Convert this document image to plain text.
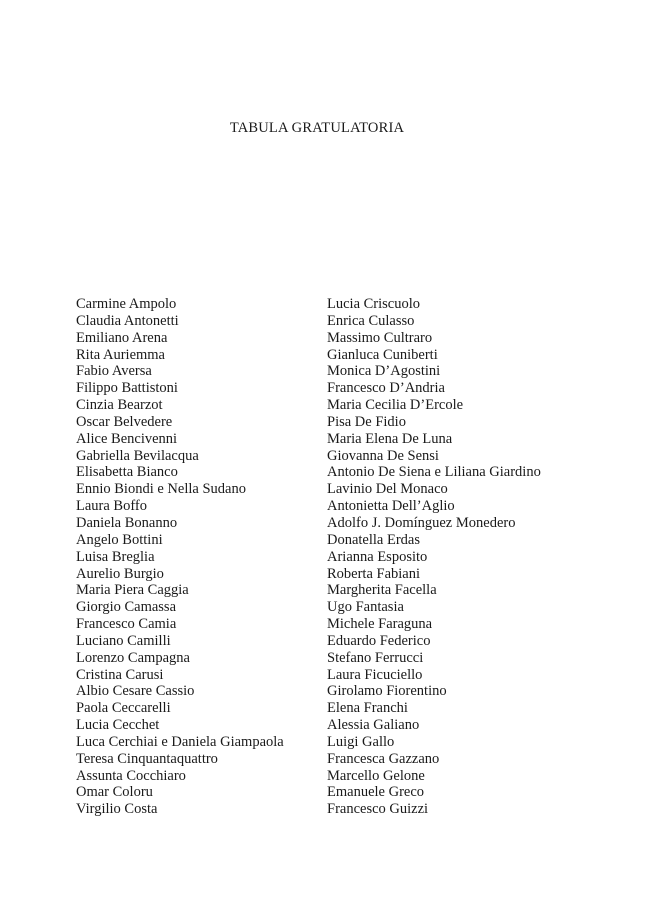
TABULA GRATULATORIA
Carmine Ampolo
Claudia Antonetti
Emiliano Arena
Rita Auriemma
Fabio Aversa
Filippo Battistoni
Cinzia Bearzot
Oscar Belvedere
Alice Bencivenni
Gabriella Bevilacqua
Elisabetta Bianco
Ennio Biondi e Nella Sudano
Laura Boffo
Daniela Bonanno
Angelo Bottini
Luisa Breglia
Aurelio Burgio
Maria Piera Caggia
Giorgio Camassa
Francesco Camia
Luciano Camilli
Lorenzo Campagna
Cristina Carusi
Albio Cesare Cassio
Paola Ceccarelli
Lucia Cecchet
Luca Cerchiai e Daniela Giampaola
Teresa Cinquantaquattro
Assunta Cocchiaro
Omar Coloru
Virgilio Costa
Lucia Criscuolo
Enrica Culasso
Massimo Cultraro
Gianluca Cuniberti
Monica D’Agostini
Francesco D’Andria
Maria Cecilia D’Ercole
Pisa De Fidio
Maria Elena De Luna
Giovanna De Sensi
Antonio De Siena e Liliana Giardino
Lavinio Del Monaco
Antonietta Dell’Aglio
Adolfo J. Domínguez Monedero
Donatella Erdas
Arianna Esposito
Roberta Fabiani
Margherita Facella
Ugo Fantasia
Michele Faraguna
Eduardo Federico
Stefano Ferrucci
Laura Ficuciello
Girolamo Fiorentino
Elena Franchi
Alessia Galiano
Luigi Gallo
Francesca Gazzano
Marcello Gelone
Emanuele Greco
Francesco Guizzi
